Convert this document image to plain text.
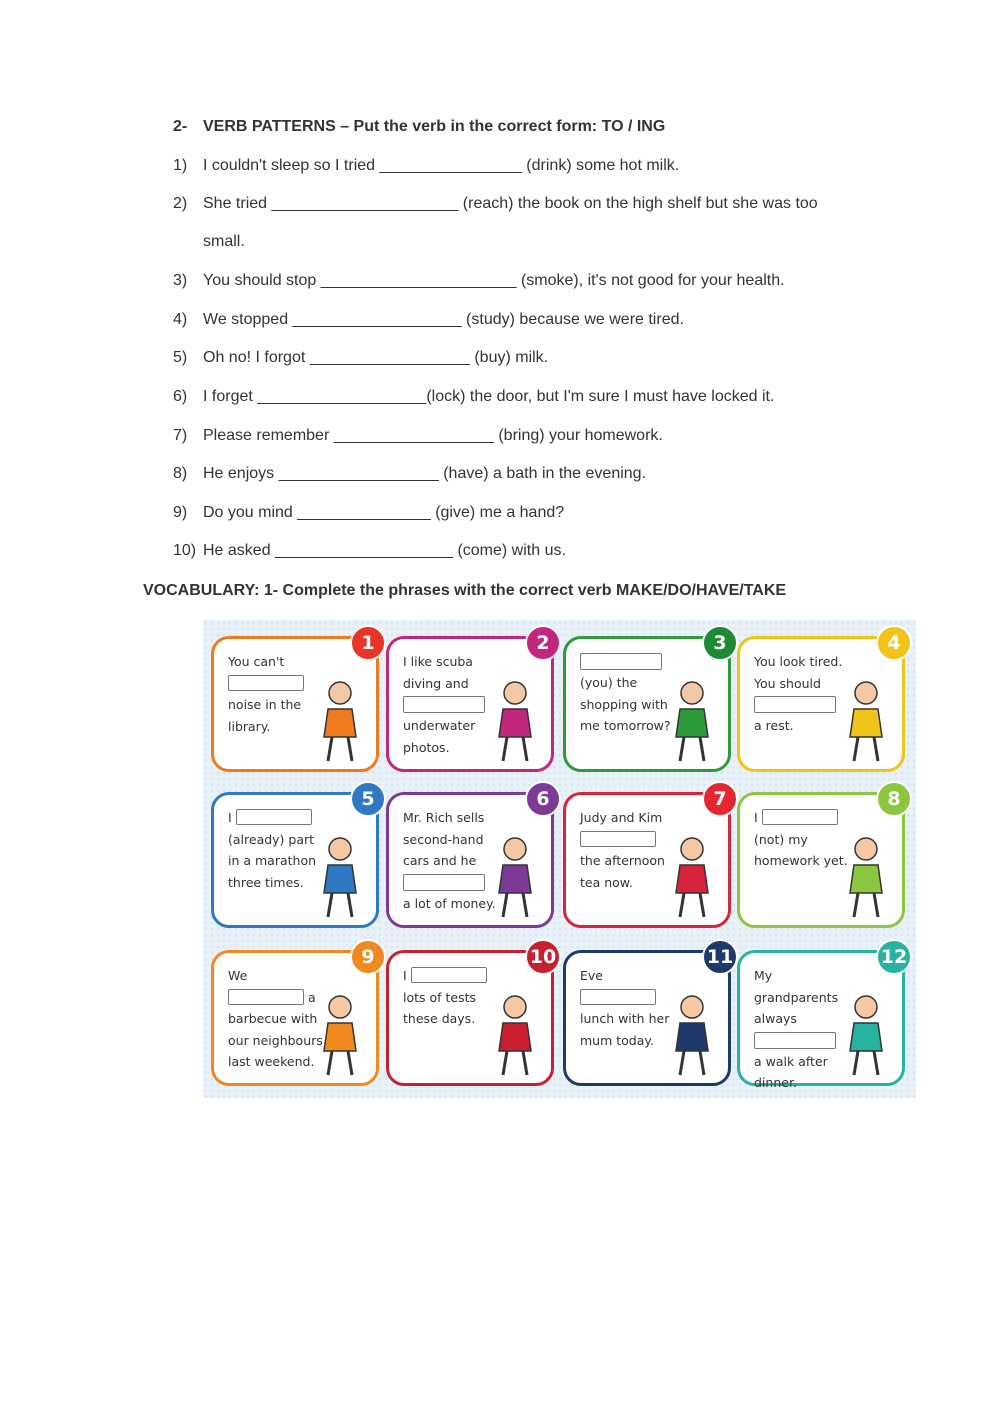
2- VERB PATTERNS – Put the verb in the correct form: TO / ING
1) I couldn't sleep so I tried ________________ (drink) some hot milk.
2) She tried _____________________ (reach) the book on the high shelf but she was too
small.
3) You should stop ______________________ (smoke), it's not good for your health.
4) We stopped ___________________ (study) because we were tired.
5) Oh no! I forgot __________________ (buy) milk.
6) I forget ___________________(lock) the door, but I'm sure I must have locked it.
7) Please remember __________________ (bring) your homework.
8) He enjoys __________________ (have) a bath in the evening.
9) Do you mind _______________ (give) me a hand?
10) He asked ____________________ (come) with us.
VOCABULARY: 1- Complete the phrases with the correct verb MAKE/DO/HAVE/TAKE
1
You can't  noise in the library.
2
I like scuba diving and
underwater photos.
3
(you) the shopping with me tomorrow?
4
You look tired. You should
a rest.
5
I  (already) part in a marathon three times.
6
Mr. Rich sells second-hand cars and he
a lot of money.
7
Judy and Kim  the afternoon tea now.
8
I  (not) my homework yet.
9
We  a barbecue with our neighbours last weekend.
10
I  lots of tests these days.
11
Eve  lunch with her mum today.
12
My grandparents always
a walk after dinner.
